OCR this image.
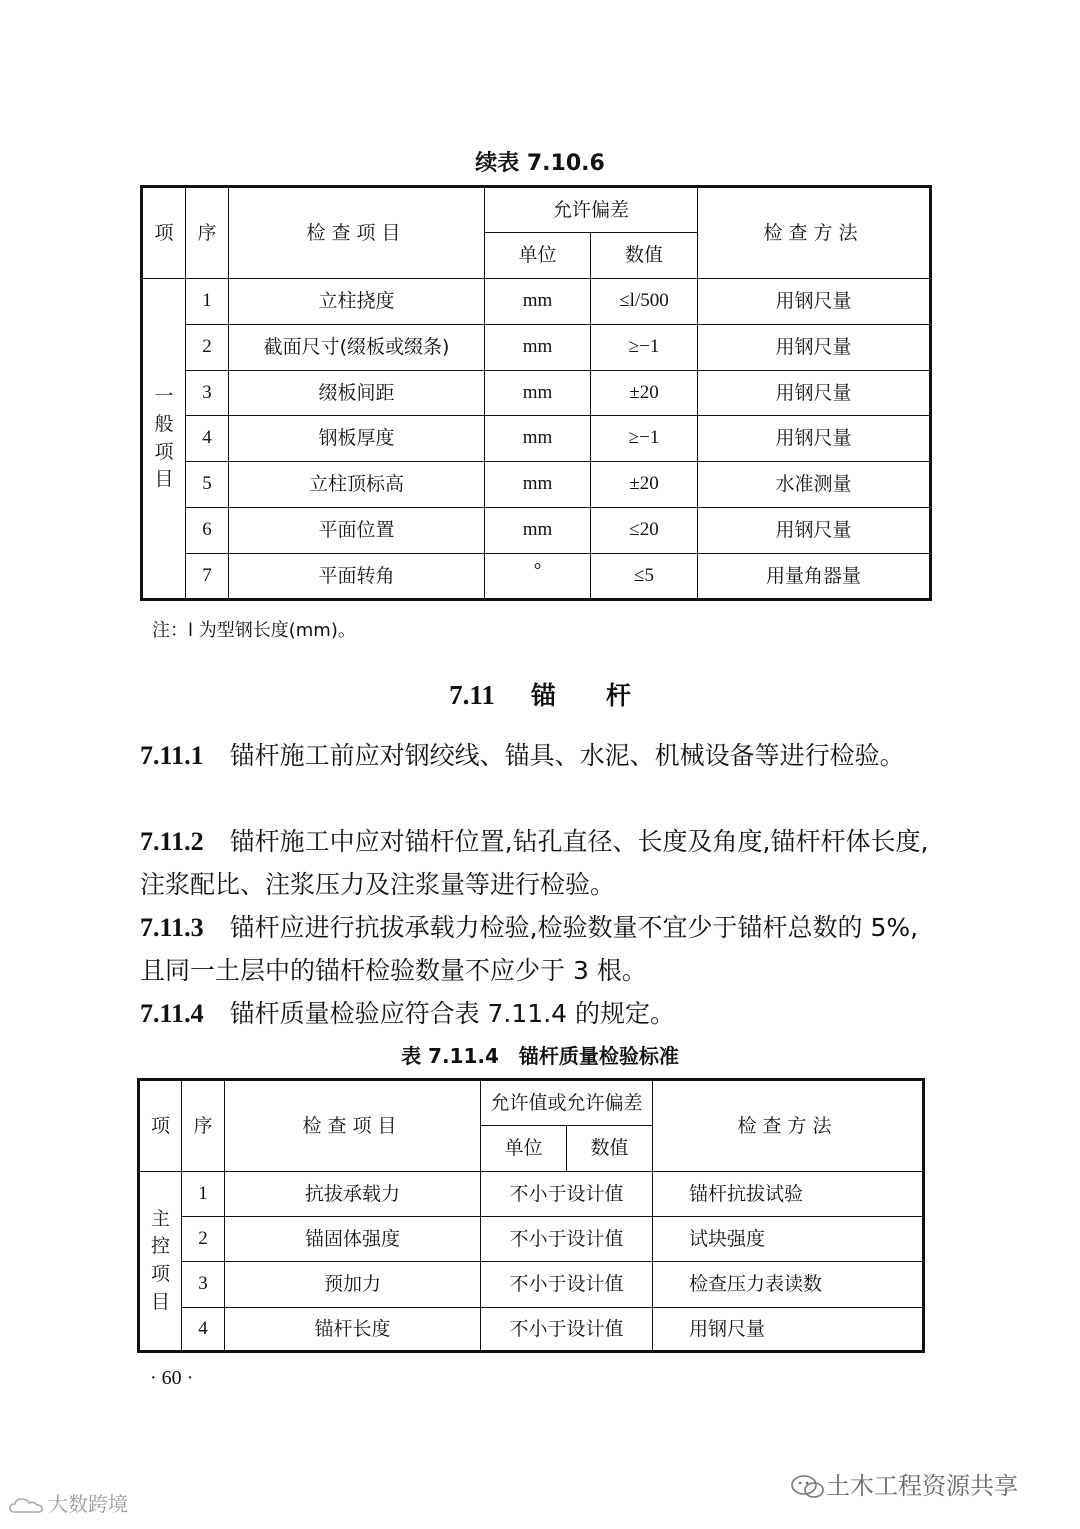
续表 7.10.6
项	序	检查项目	允许偏差		检查方法
			单位	数值	
一般项目	1	立柱挠度	mm	≤l/500	用钢尺量
	2	截面尺寸(缀板或缀条)	mm	≥−1	用钢尺量
	3	缀板间距	mm	±20	用钢尺量
	4	钢板厚度	mm	≥−1	用钢尺量
	5	立柱顶标高	mm	±20	水准测量
	6	平面位置	mm	≤20	用钢尺量
	7	平面转角	°	≤5	用量角器量
注：l 为型钢长度(mm)。
7.11 锚　　杆
7.11.1 锚杆施工前应对钢绞线、锚具、水泥、机械设备等进行检验。
7.11.2 锚杆施工中应对锚杆位置,钻孔直径、长度及角度,锚杆杆体长度,注浆配比、注浆压力及注浆量等进行检验。
7.11.3 锚杆应进行抗拔承载力检验,检验数量不宜少于锚杆总数的 5%,且同一土层中的锚杆检验数量不应少于 3 根。
7.11.4 锚杆质量检验应符合表 7.11.4 的规定。
表 7.11.4　锚杆质量检验标准
项	序	检查项目	允许值或允许偏差		检查方法
			单位	数值	
主控项目	1	抗拔承载力	不小于设计值		锚杆抗拔试验
	2	锚固体强度	不小于设计值		试块强度
	3	预加力	不小于设计值		检查压力表读数
	4	锚杆长度	不小于设计值		用钢尺量
· 60 ·
大数跨境
土木工程资源共享
